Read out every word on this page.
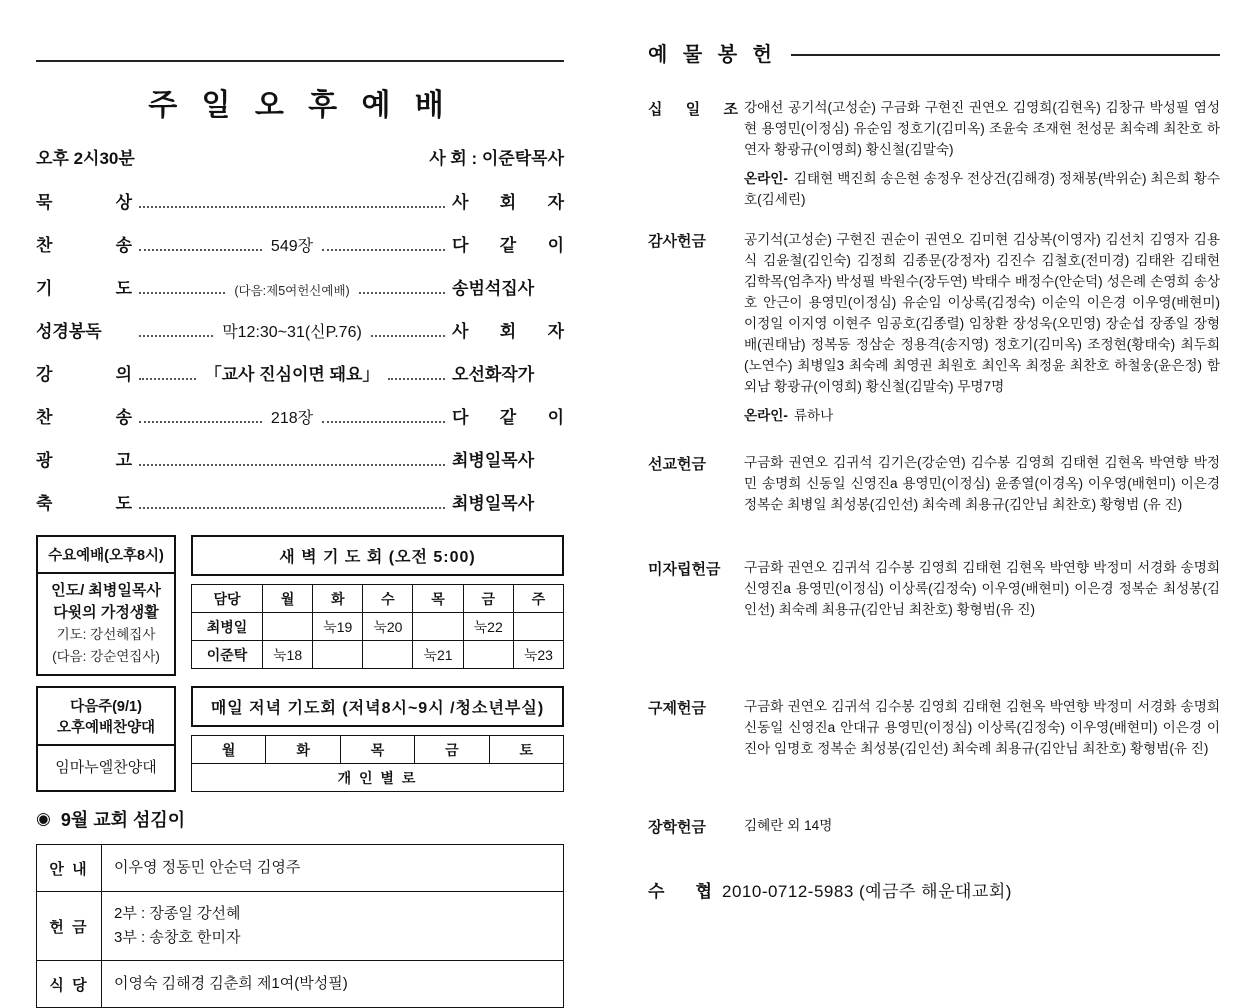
주 일 오 후 예 배
오후 2시30분	사 회 : 이준탁목사
묵 상	사 회 자
찬 송	549장	다 같 이
기 도	(다음:제5여헌신예배)	송범석집사
성경봉독	막12:30~31(신P.76)	사 회 자
강 의	「교사 진심이면 돼요」	오선화작가
찬 송	218장	다 같 이
광 고	최병일목사
축 도	최병일목사
수요예배(오후8시)
인도/ 최병일목사
다윗의 가정생활
기도: 강선혜집사
(다음: 강순연집사)
새 벽 기 도 회 (오전 5:00)
담당	월	화	수	목	금	주
최병일		눅19	눅20		눅22	
이준탁	눅18			눅21		눅23
다음주(9/1)
오후예배찬양대
임마누엘찬양대
매일 저녁 기도회 (저녁8시~9시 /청소년부실)
월	화	목	금	토
개 인 별 로
◉ 9월 교회 섬김이
안 내	이우영 정동민 안순덕 김영주

헌 금	2부 : 장종일 강선혜
3부 : 송창호 한미자

식 당	이영숙 김해경 김춘희 제1여(박성필)
예 물 봉 헌
십 일 조 강애선 공기석(고성순) 구금화 구현진 권연오 김영희(김현옥) 김창규 박성필 염성현 용영민(이정심) 유순임 정호기(김미옥) 조윤숙 조재현 천성문 최숙례 최찬호 하연자 황광규(이영희) 황신철(김말숙)
온라인- 김태현 백진희 송은현 송정우 전상건(김해경) 정채봉(박위순) 최은희 황수호(김세린)
감사헌금	공기석(고성순) 구현진 권순이 권연오 김미현 김상복(이영자) 김선치 김영자 김용식 김윤철(김인숙) 김정희 김종문(강정자) 김진수 김철호(전미경) 김태완 김태현 김학목(엄추자) 박성필 박원수(장두연) 박태수 배정수(안순덕) 성은례 손영희 송상호 안근이 용영민(이정심) 유순임 이상록(김정숙) 이순익 이은경 이우영(배현미) 이정일 이지영 이현주 임공호(김종렬) 임창환 장성욱(오민영) 장순섭 장종일 장형배(권태남) 정복동 정삼순 정용격(송지영) 정호기(김미옥) 조정현(황태숙) 최두희(노연수) 최병일3 최숙례 최영권 최원호 최인옥 최정윤 최찬호 하철웅(윤은정) 함외남 황광규(이영희) 황신철(김말숙) 무명7명
온라인- 류하나
선교헌금	구금화 권연오 김귀석 김기은(강순연) 김수봉 김영희 김태현 김현옥 박연향 박정민 송명희 신동일 신영진a 용영민(이정심) 윤종열(이경옥) 이우영(배현미) 이은경 정복순 최병일 최성봉(김인선) 최숙례 최용규(김안님 최찬호) 황형범 (유 진)
미자립헌금	구금화 권연오 김귀석 김수봉 김영희 김태현 김현옥 박연향 박정미 서경화 송명희 신영진a 용영민(이정심) 이상록(김정숙) 이우영(배현미) 이은경 정복순 최성봉(김인선) 최숙례 최용규(김안님 최찬호) 황형범(유 진)
구제헌금	구금화 권연오 김귀석 김수봉 김영희 김태현 김현옥 박연향 박정미 서경화 송명희 신동일 신영진a 안대규 용영민(이정심) 이상록(김정숙) 이우영(배현미) 이은경 이진아 임명호 정복순 최성봉(김인선) 최숙례 최용규(김안님 최찬호) 황형범(유 진)
장학헌금	김혜란 외 14명
수 협 2010-0712-5983 (예금주 해운대교회)
